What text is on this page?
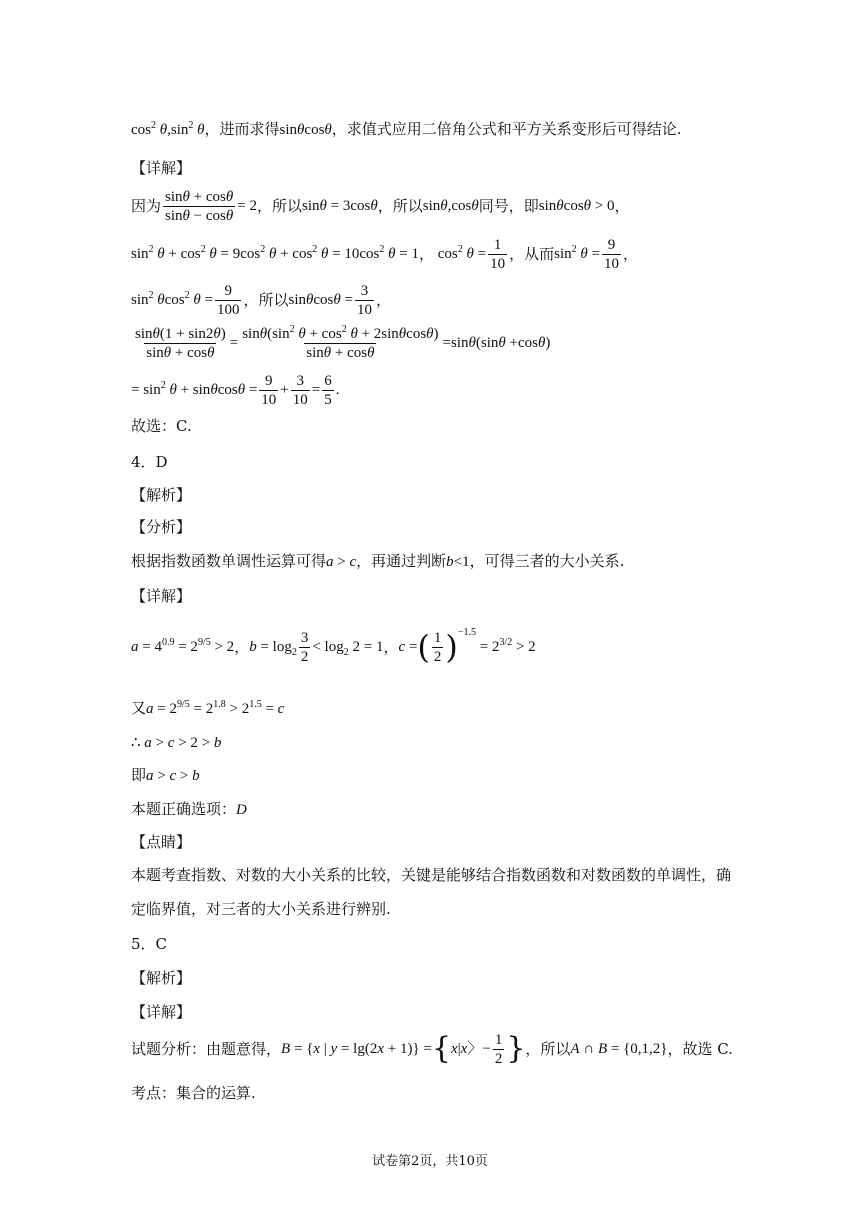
$\cos^2 \theta,\sin^2$ θ，进而求得sinθcosθ，求值式应用二倍角公式和平方关系变形后可得结论.
【详解】
因为 $\frac{\sin\theta + \cos\theta}{\sin\theta - \cos\theta} = 2$ ，所以 sinθ = 3cosθ ，所以 sinθ,cosθ 同号，即 sinθcosθ > 0 ，
$\sin^2 \theta + \cos^2 \theta = 9\cos^2$ $\theta + \cos^2 \theta = 10\cos^2$ θ = 1 ， $\cos^2 \theta = \frac{1}{10}$ ，从而 $\sin^2 \theta = \frac{9}{10}$ ，
$\sin^2 \theta\cos^2$ $\theta = \frac{9}{100}$ ，所以 $\sin\theta\cos\theta = \frac{3}{10}$ ，
$\frac{\sin\theta(1 + \sin 2\theta)}{\sin\theta + \cos\theta} = \frac{\sin\theta(\sin^2 \theta + \cos^2 \theta + 2\sin\theta\cos\theta)}{\sin\theta + \cos\theta} =\sin\theta(\sin\theta +\cos\theta)$
= $\sin^2 \theta + \sin\theta\cos\theta = \frac{9}{10} + \frac{3}{10} = \frac{6}{5}$ .
故选：C.
4．D
【解析】
【分析】
根据指数函数单调性运算可得a > c，再通过判断b<1，可得三者的大小关系.
【详解】
$a = 4^{0.9} = 2^{9/5} > 2$ ， $b = \log_2 \frac{3}{2} < \log_2 2 = 1$ ， c = ( $\frac{1}{2}$ ) −1.5
= $2^{3/2} > 2$
又$a = 2^{9/5} = 2^{1.8} > 2^{1.5} = c$
∴ a > c > 2 > b
即a > c > b
本题正确选项：D
【点睛】
本题考查指数、对数的大小关系的比较，关键是能够结合指数函数和对数函数的单调性，确
定临界值，对三者的大小关系进行辨别.
5．C
【解析】
【详解】
试题分析：由题意得， B = {x | y = lg(2x + 1)} = { x|x〉− $\frac{1}{2}$ } ，所以 A ∩ B = {0,1,2} ，故选 C.
考点：集合的运算.
试卷第2页，共10页
